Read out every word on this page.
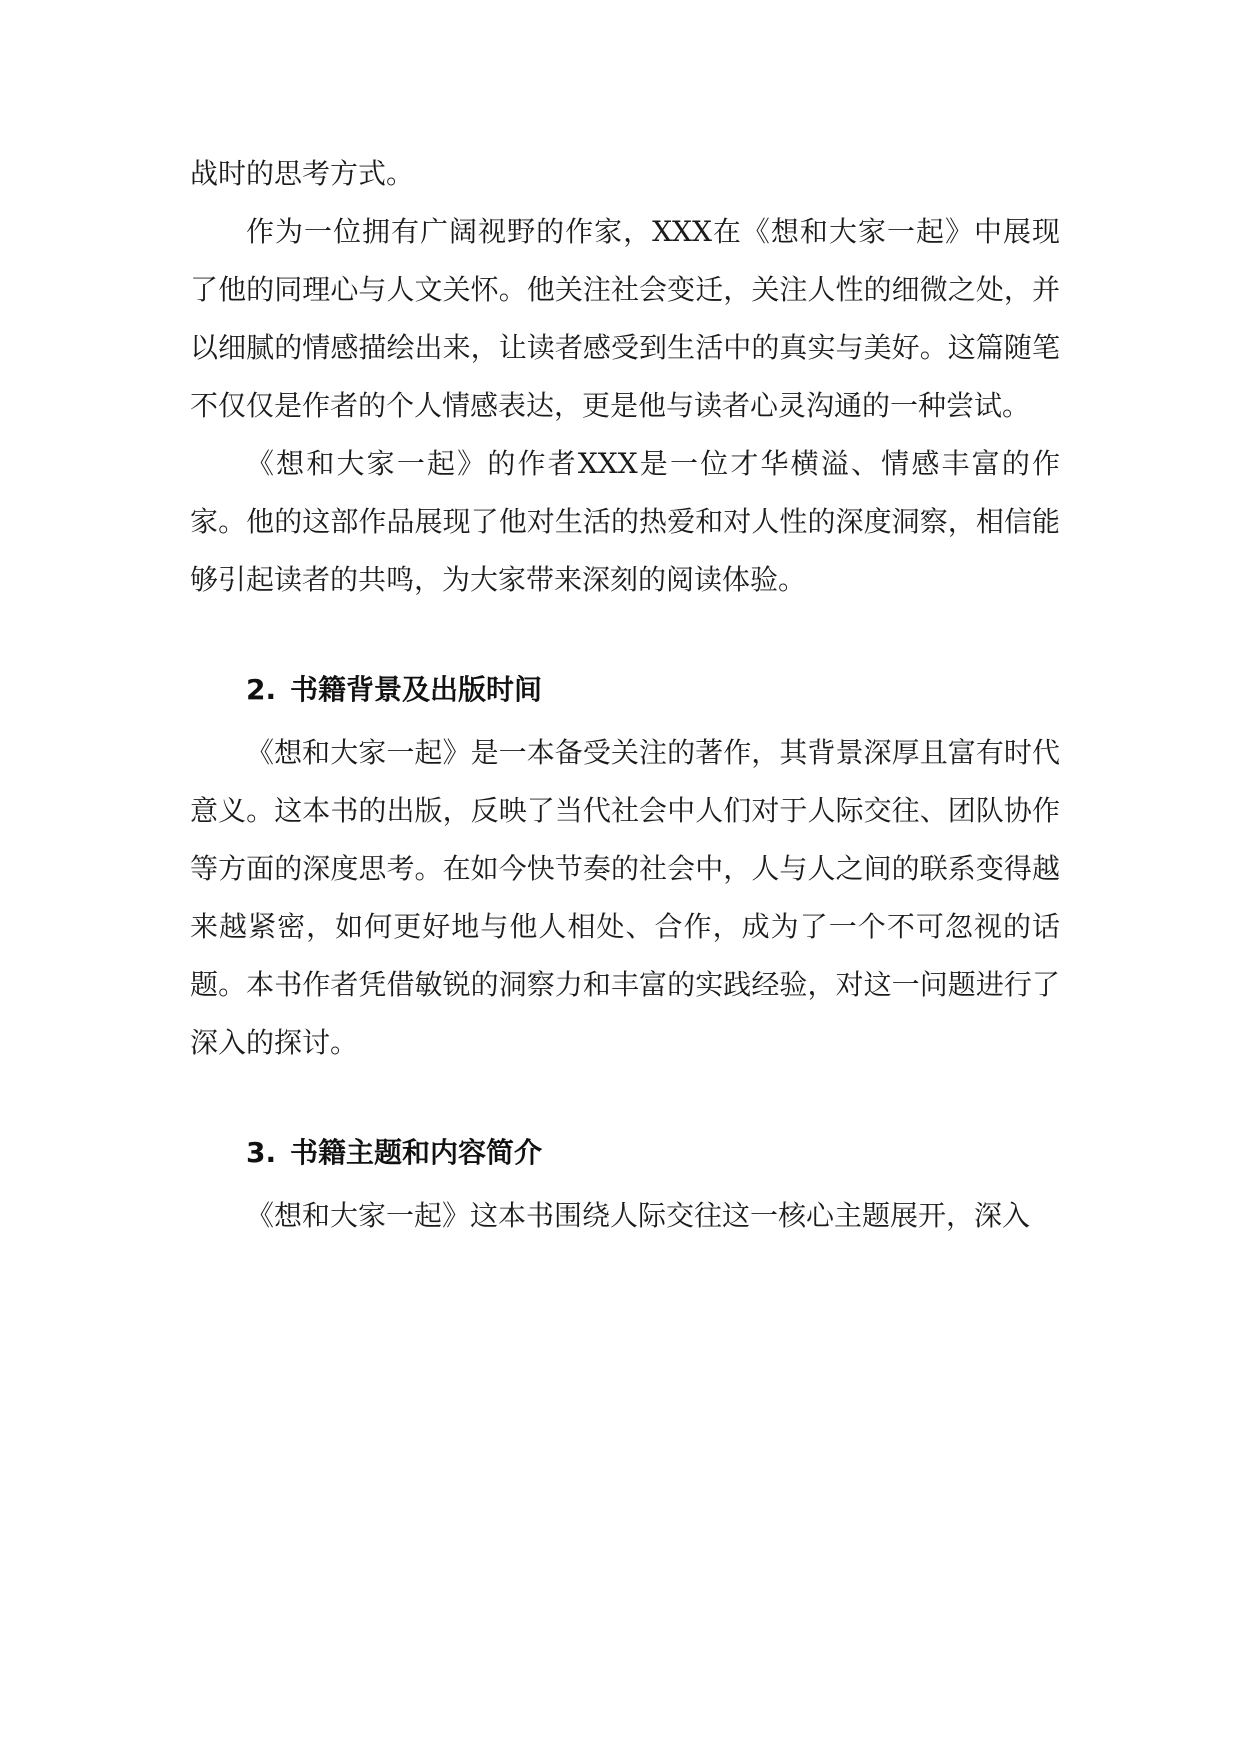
战时的思考方式。

作为一位拥有广阔视野的作家，XXX在《想和大家一起》中展现了他的同理心与人文关怀。他关注社会变迁，关注人性的细微之处，并以细腻的情感描绘出来，让读者感受到生活中的真实与美好。这篇随笔不仅仅是作者的个人情感表达，更是他与读者心灵沟通的一种尝试。

《想和大家一起》的作者XXX是一位才华横溢、情感丰富的作家。他的这部作品展现了他对生活的热爱和对人性的深度洞察，相信能够引起读者的共鸣，为大家带来深刻的阅读体验。

2. 书籍背景及出版时间

《想和大家一起》是一本备受关注的著作，其背景深厚且富有时代意义。这本书的出版，反映了当代社会中人们对于人际交往、团队协作等方面的深度思考。在如今快节奏的社会中，人与人之间的联系变得越来越紧密，如何更好地与他人相处、合作，成为了一个不可忽视的话题。本书作者凭借敏锐的洞察力和丰富的实践经验，对这一问题进行了深入的探讨。

3. 书籍主题和内容简介

《想和大家一起》这本书围绕人际交往这一核心主题展开，深入
